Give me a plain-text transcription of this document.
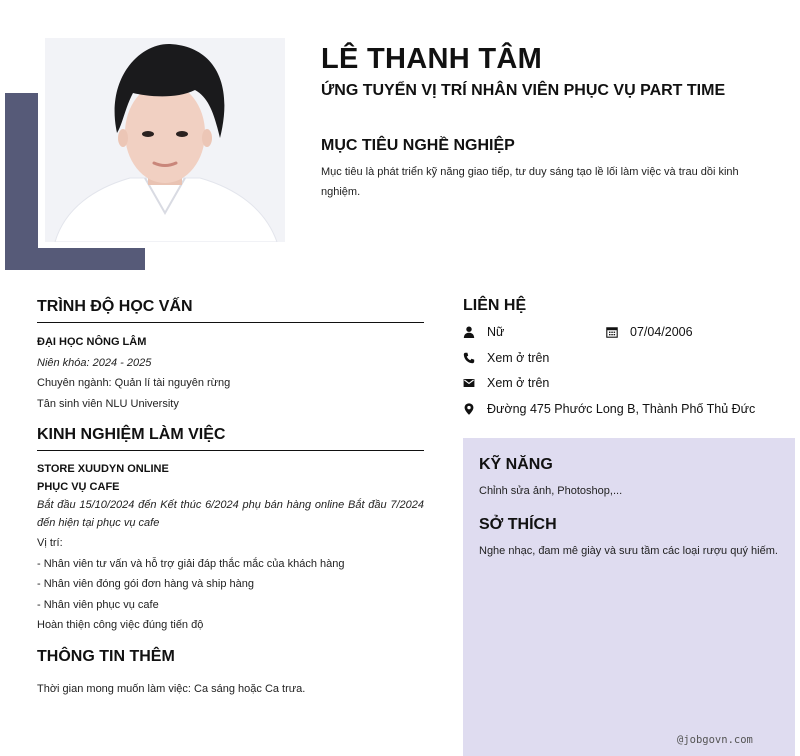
LÊ THANH TÂM
ỨNG TUYỂN VỊ TRÍ NHÂN VIÊN PHỤC VỤ PART TIME
MỤC TIÊU NGHỀ NGHIỆP
Mục tiêu là phát triển kỹ năng giao tiếp, tư duy sáng tạo lề lối làm việc và trau dồi kinh nghiệm.
TRÌNH ĐỘ HỌC VẤN
ĐẠI HỌC NÔNG LÂM
Niên khóa: 2024 - 2025
Chuyên ngành: Quản lí tài nguyên rừng
Tân sinh viên NLU University
KINH NGHIỆM LÀM VIỆC
STORE XUUDYN ONLINE
PHỤC VỤ CAFE
Bắt đầu 15/10/2024 đến Kết thúc 6/2024 phụ bán hàng online Bắt đầu 7/2024 đến hiện tại phục vụ cafe
Vị trí:
- Nhân viên tư vấn và hỗ trợ giải đáp thắc mắc của khách hàng
- Nhân viên đóng gói đơn hàng và ship hàng
- Nhân viên phục vụ cafe
Hoàn thiện công việc đúng tiến độ
THÔNG TIN THÊM
Thời gian mong muốn làm việc: Ca sáng hoặc Ca trưa.
LIÊN HỆ
Nữ	07/04/2006
Xem ở trên
Xem ở trên
Đường 475 Phước Long B, Thành Phố Thủ Đức
KỸ NĂNG
Chỉnh sửa ảnh, Photoshop,...
SỞ THÍCH
Nghe nhạc, đam mê giày và sưu tầm các loại rượu quý hiếm.
@jobgovn.com
